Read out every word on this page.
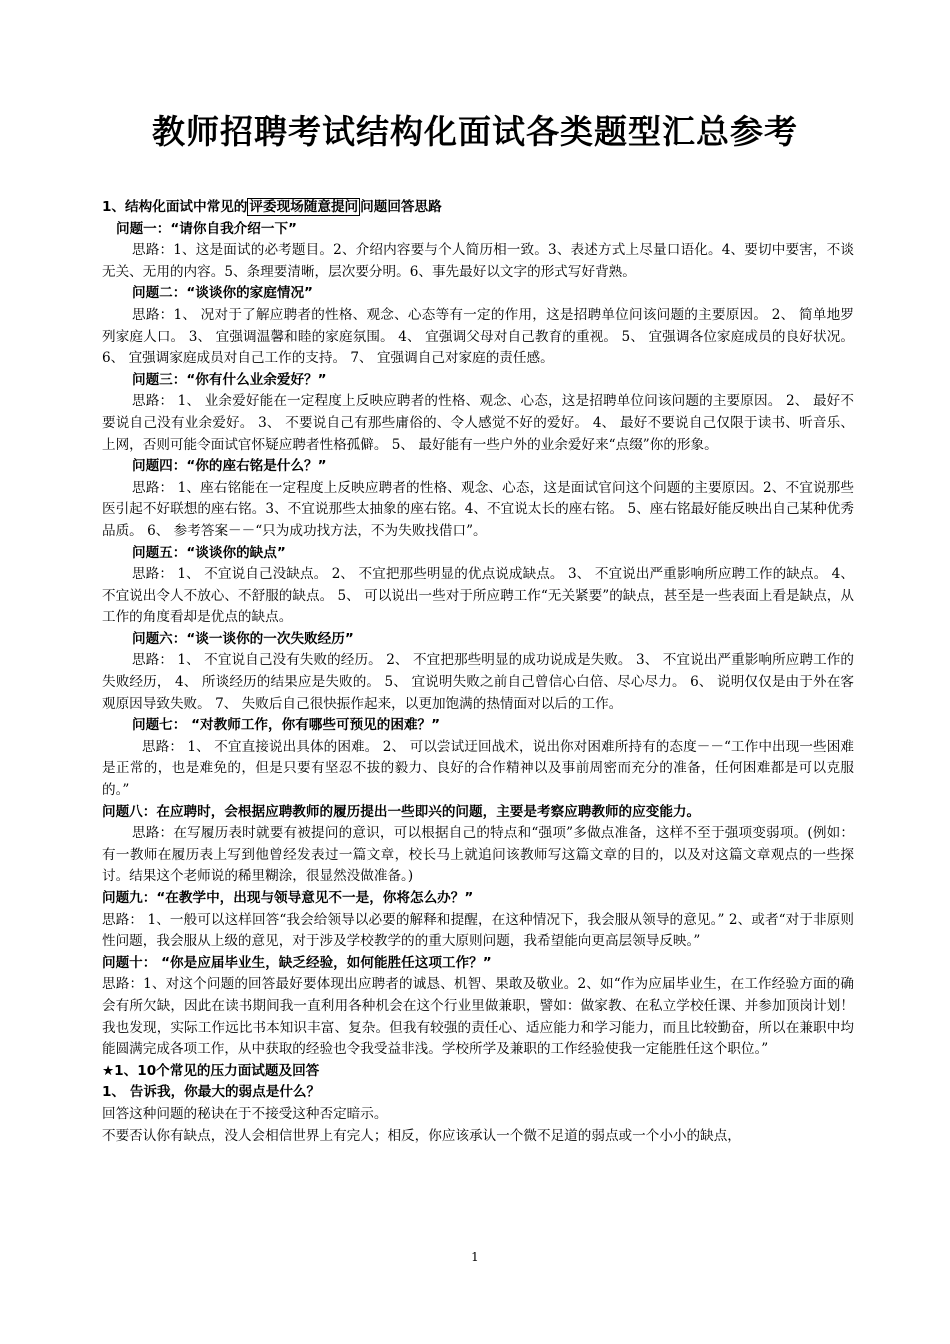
教师招聘考试结构化面试各类题型汇总参考

1、结构化面试中常见的 评委现场随意提问 问题回答思路

问题一：“请你自我介绍一下”

思路：1、这是面试的必考题目。2、介绍内容要与个人简历相一致。3、表述方式上尽量口语化。4、要切中要害，不谈无关、无用的内容。5、条理要清晰，层次要分明。6、事先最好以文字的形式写好背熟。

问题二：“谈谈你的家庭情况”

思路：1、 况对于了解应聘者的性格、观念、心态等有一定的作用，这是招聘单位问该问题的主要原因。 2、 简单地罗列家庭人口。 3、 宜强调温馨和睦的家庭氛围。 4、 宜强调父母对自己教育的重视。 5、 宜强调各位家庭成员的良好状况。 6、 宜强调家庭成员对自己工作的支持。 7、 宜强调自己对家庭的责任感。

问题三：“你有什么业余爱好？”

思路： 1、 业余爱好能在一定程度上反映应聘者的性格、观念、心态，这是招聘单位问该问题的主要原因。 2、 最好不要说自己没有业余爱好。 3、 不要说自己有那些庸俗的、令人感觉不好的爱好。 4、 最好不要说自己仅限于读书、听音乐、上网，否则可能令面试官怀疑应聘者性格孤僻。 5、 最好能有一些户外的业余爱好来“点缀”你的形象。

问题四：“你的座右铭是什么？”

思路： 1、座右铭能在一定程度上反映应聘者的性格、观念、心态，这是面试官问这个问题的主要原因。2、不宜说那些医引起不好联想的座右铭。3、不宜说那些太抽象的座右铭。4、不宜说太长的座右铭。 5、座右铭最好能反映出自己某种优秀品质。 6、 参考答案－－“只为成功找方法，不为失败找借口”。

问题五：“谈谈你的缺点”

思路： 1、 不宜说自己没缺点。 2、 不宜把那些明显的优点说成缺点。 3、 不宜说出严重影响所应聘工作的缺点。 4、 不宜说出令人不放心、不舒服的缺点。 5、 可以说出一些对于所应聘工作“无关紧要”的缺点，甚至是一些表面上看是缺点，从工作的角度看却是优点的缺点。

问题六：“谈一谈你的一次失败经历”

思路： 1、 不宜说自己没有失败的经历。 2、 不宜把那些明显的成功说成是失败。 3、 不宜说出严重影响所应聘工作的失败经历， 4、 所谈经历的结果应是失败的。 5、 宜说明失败之前自己曾信心白倍、尽心尽力。 6、 说明仅仅是由于外在客观原因导致失败。 7、 失败后自己很快振作起来，以更加饱满的热情面对以后的工作。

问题七： “对教师工作，你有哪些可预见的困难？”

思路： 1、 不宜直接说出具体的困难。 2、 可以尝试迂回战术，说出你对困难所持有的态度－－“工作中出现一些困难是正常的，也是难免的，但是只要有坚忍不拔的毅力、良好的合作精神以及事前周密而充分的准备，任何困难都是可以克服的。”

问题八：在应聘时，会根据应聘教师的履历提出一些即兴的问题，主要是考察应聘教师的应变能力。

思路：在写履历表时就要有被提问的意识，可以根据自己的特点和“强项”多做点准备，这样不至于强项变弱项。(例如：有一教师在履历表上写到他曾经发表过一篇文章，校长马上就追问该教师写这篇文章的目的，以及对这篇文章观点的一些探讨。结果这个老师说的稀里糊涂，很显然没做准备。)

问题九：“在教学中，出现与领导意见不一是，你将怎么办？”

思路： 1、一般可以这样回答“我会给领导以必要的解释和提醒，在这种情况下，我会服从领导的意见。” 2、或者“对于非原则性问题，我会服从上级的意见，对于涉及学校教学的的重大原则问题，我希望能向更高层领导反映。”

问题十： “你是应届毕业生，缺乏经验，如何能胜任这项工作？”

思路：1、对这个问题的回答最好要体现出应聘者的诚恳、机智、果敢及敬业。2、如“作为应届毕业生，在工作经验方面的确会有所欠缺，因此在读书期间我一直利用各种机会在这个行业里做兼职，譬如：做家教、在私立学校任课、并参加顶岗计划！我也发现，实际工作远比书本知识丰富、复杂。但我有较强的责任心、适应能力和学习能力，而且比较勤奋，所以在兼职中均能圆满完成各项工作，从中获取的经验也令我受益非浅。学校所学及兼职的工作经验使我一定能胜任这个职位。”

★1、10个常见的压力面试题及回答

1、 告诉我，你最大的弱点是什么？

回答这种问题的秘诀在于不接受这种否定暗示。

不要否认你有缺点，没人会相信世界上有完人；相反，你应该承认一个微不足道的弱点或一个小小的缺点，

1
